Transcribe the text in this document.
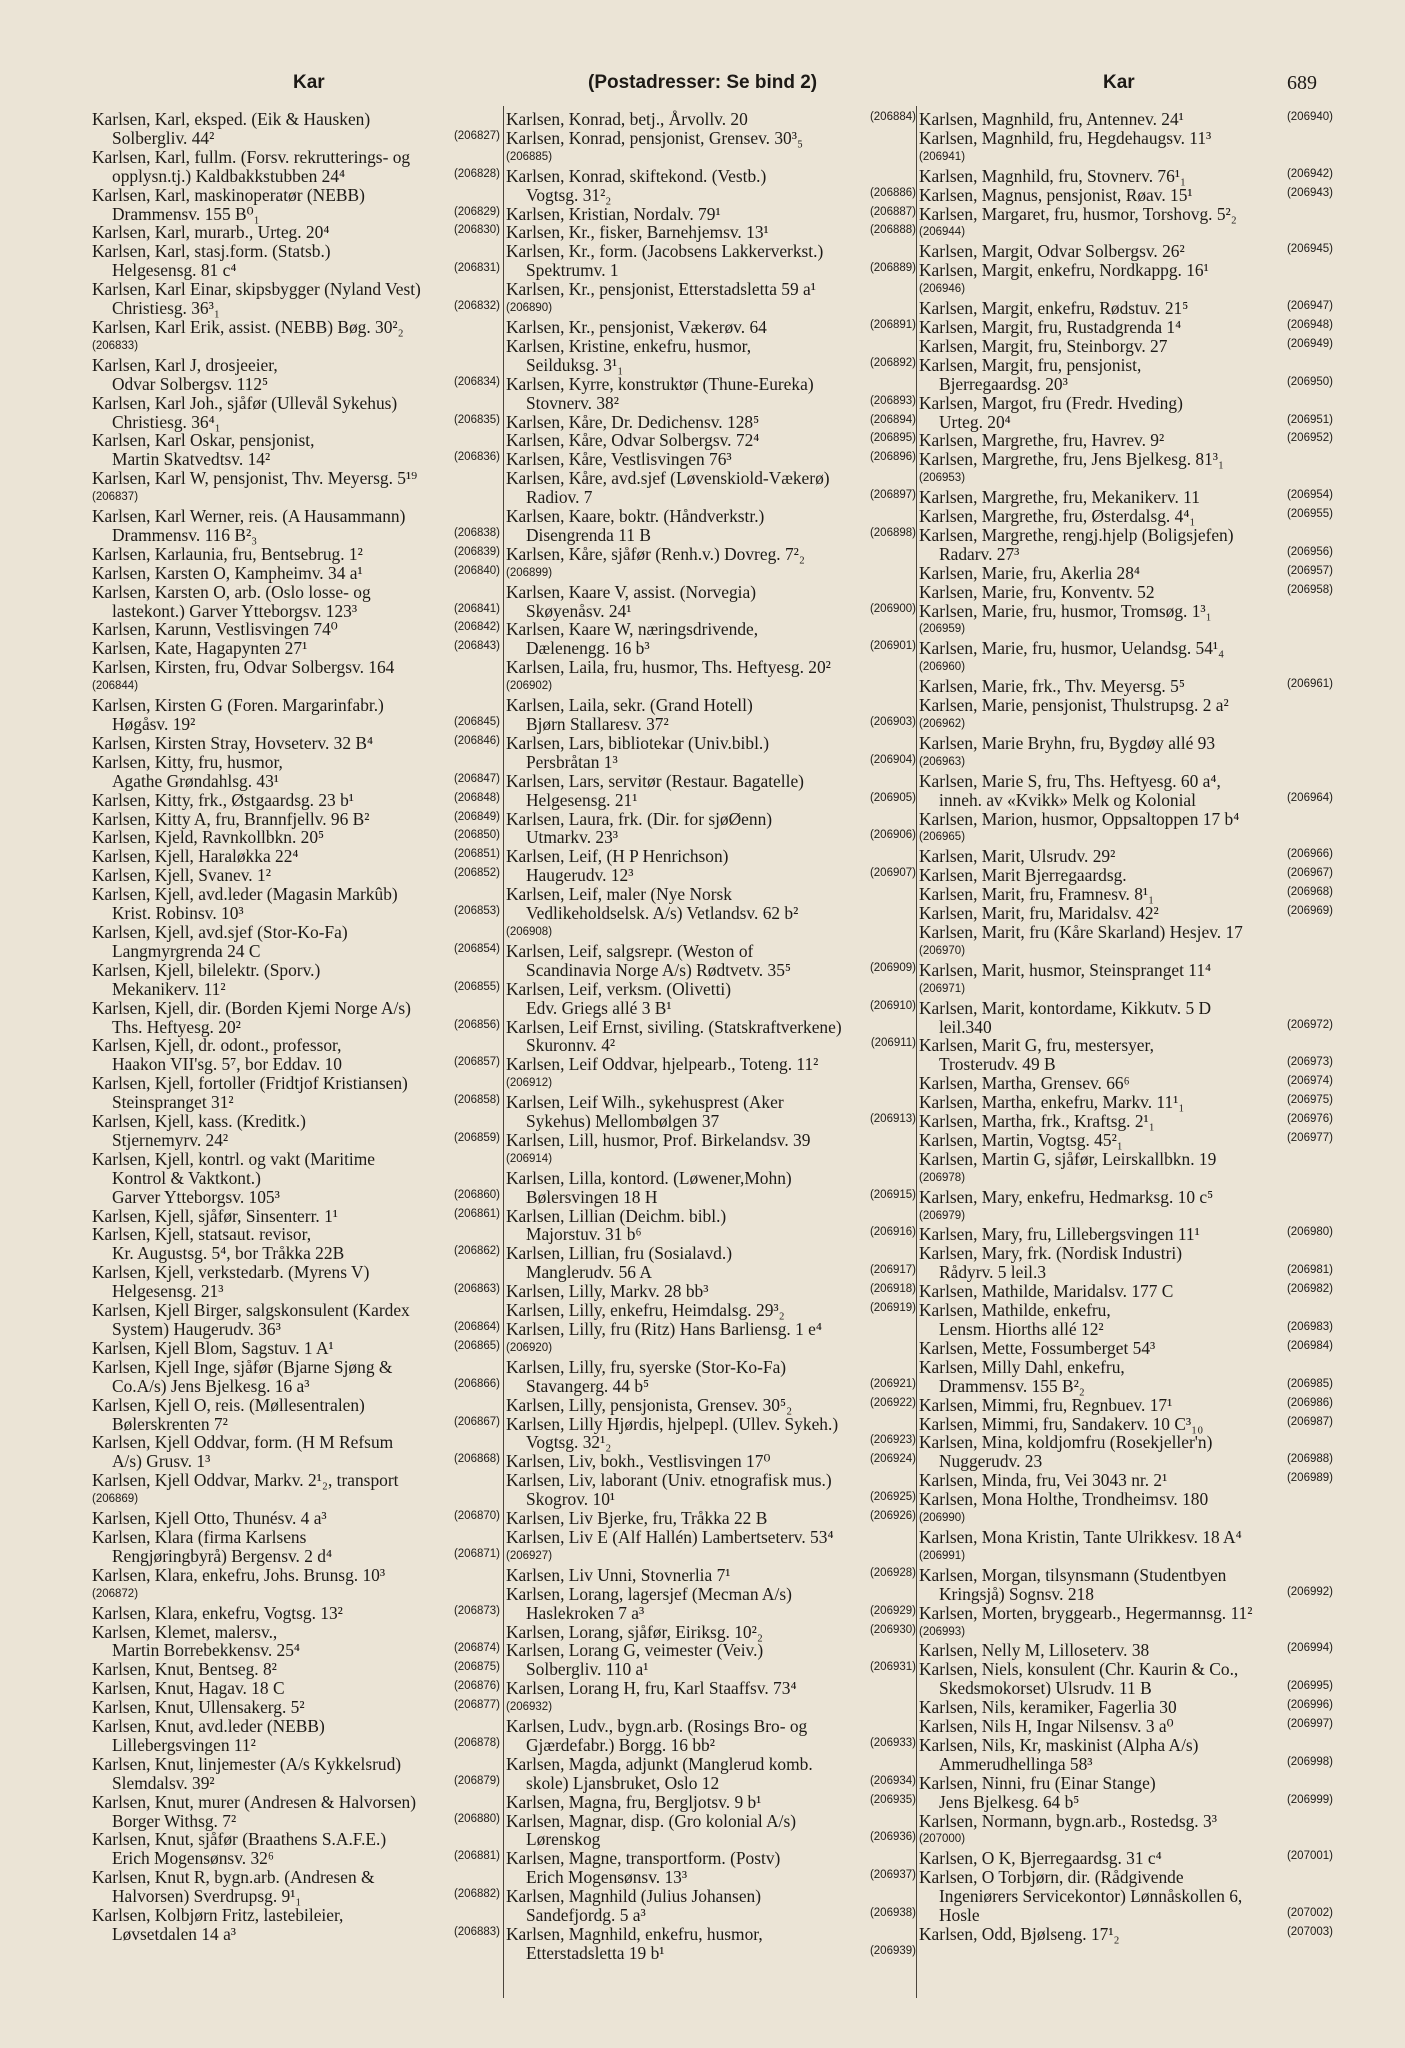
Kar	(Postadresser: Se bind 2)	Kar	689
Karlsen, Karl, eksped. (Eik & Hausken)
Solbergliv. 44²	(206827)
Karlsen, Karl, fullm. (Forsv. rekrutterings- og
opplysn.tj.) Kaldbakkstubben 24⁴	(206828)
Karlsen, Karl, maskinoperatør (NEBB)
Drammensv. 155 B⁰₁	(206829)
Karlsen, Karl, murarb., Urteg. 20⁴	(206830)
Karlsen, Karl, stasj.form. (Statsb.)
Helgesensg. 81 c⁴	(206831)
Karlsen, Karl Einar, skipsbygger (Nyland Vest)
Christiesg. 36³₁	(206832)
Karlsen, Karl Erik, assist. (NEBB) Bøg. 30²₂
(206833)
Karlsen, Karl J, drosjeeier,
Odvar Solbergsv. 112⁵	(206834)
Karlsen, Karl Joh., sjåfør (Ullevål Sykehus)
Christiesg. 36⁴₁	(206835)
Karlsen, Karl Oskar, pensjonist,
Martin Skatvedtsv. 14²	(206836)
Karlsen, Karl W, pensjonist, Thv. Meyersg. 5¹⁹
(206837)
Karlsen, Karl Werner, reis. (A Hausammann)
Drammensv. 116 B²₃	(206838)
Karlsen, Karlaunia, fru, Bentsebrug. 1²	(206839)
Karlsen, Karsten O, Kampheimv. 34 a¹	(206840)
Karlsen, Karsten O, arb. (Oslo losse- og
lastekont.) Garver Ytteborgsv. 123³	(206841)
Karlsen, Karunn, Vestlisvingen 74⁰	(206842)
Karlsen, Kate, Hagapynten 27¹	(206843)
Karlsen, Kirsten, fru, Odvar Solbergsv. 164
(206844)
Karlsen, Kirsten G (Foren. Margarinfabr.)
Høgåsv. 19²	(206845)
Karlsen, Kirsten Stray, Hovseterv. 32 B⁴	(206846)
Karlsen, Kitty, fru, husmor,
Agathe Grøndahlsg. 43¹	(206847)
Karlsen, Kitty, frk., Østgaardsg. 23 b¹	(206848)
Karlsen, Kitty A, fru, Brannfjellv. 96 B²	(206849)
Karlsen, Kjeld, Ravnkollbkn. 20⁵	(206850)
Karlsen, Kjell, Haraløkka 22⁴	(206851)
Karlsen, Kjell, Svanev. 1²	(206852)
Karlsen, Kjell, avd.leder (Magasin Markûb)
Krist. Robinsv. 10³	(206853)
Karlsen, Kjell, avd.sjef (Stor-Ko-Fa)
Langmyrgrenda 24 C	(206854)
Karlsen, Kjell, bilelektr. (Sporv.)
Mekanikerv. 11²	(206855)
Karlsen, Kjell, dir. (Borden Kjemi Norge A/s)
Ths. Heftyesg. 20²	(206856)
Karlsen, Kjell, dr. odont., professor,
Haakon VII'sg. 5⁷, bor Eddav. 10	(206857)
Karlsen, Kjell, fortoller (Fridtjof Kristiansen)
Steinspranget 31²	(206858)
Karlsen, Kjell, kass. (Kreditk.)
Stjernemyrv. 24²	(206859)
Karlsen, Kjell, kontrl. og vakt (Maritime
Kontrol & Vaktkont.)
Garver Ytteborgsv. 105³	(206860)
Karlsen, Kjell, sjåfør, Sinsenterr. 1¹	(206861)
Karlsen, Kjell, statsaut. revisor,
Kr. Augustsg. 5⁴, bor Tråkka 22B	(206862)
Karlsen, Kjell, verkstedarb. (Myrens V)
Helgesensg. 21³	(206863)
Karlsen, Kjell Birger, salgskonsulent (Kardex
System) Haugerudv. 36³	(206864)
Karlsen, Kjell Blom, Sagstuv. 1 A¹	(206865)
Karlsen, Kjell Inge, sjåfør (Bjarne Sjøng &
Co.A/s) Jens Bjelkesg. 16 a³	(206866)
Karlsen, Kjell O, reis. (Møllesentralen)
Bølerskrenten 7²	(206867)
Karlsen, Kjell Oddvar, form. (H M Refsum
A/s) Grusv. 1³	(206868)
Karlsen, Kjell Oddvar, Markv. 2¹₂, transport
(206869)
Karlsen, Kjell Otto, Thunésv. 4 a³	(206870)
Karlsen, Klara (firma Karlsens
Rengjøringbyrå) Bergensv. 2 d⁴	(206871)
Karlsen, Klara, enkefru, Johs. Brunsg. 10³
(206872)
Karlsen, Klara, enkefru, Vogtsg. 13²	(206873)
Karlsen, Klemet, malersv.,
Martin Borrebekkensv. 25⁴	(206874)
Karlsen, Knut, Bentseg. 8²	(206875)
Karlsen, Knut, Hagav. 18 C	(206876)
Karlsen, Knut, Ullensakerg. 5²	(206877)
Karlsen, Knut, avd.leder (NEBB)
Lillebergsvingen 11²	(206878)
Karlsen, Knut, linjemester (A/s Kykkelsrud)
Slemdalsv. 39²	(206879)
Karlsen, Knut, murer (Andresen & Halvorsen)
Borger Withsg. 7²	(206880)
Karlsen, Knut, sjåfør (Braathens S.A.F.E.)
Erich Mogensønsv. 32⁶	(206881)
Karlsen, Knut R, bygn.arb. (Andresen &
Halvorsen) Sverdrupsg. 9¹₁	(206882)
Karlsen, Kolbjørn Fritz, lastebileier,
Løvsetdalen 14 a³	(206883)
Karlsen, Konrad, betj., Årvollv. 20	(206884)
Karlsen, Konrad, pensjonist, Grensev. 30³₅
(206885)
Karlsen, Konrad, skiftekond. (Vestb.)
Vogtsg. 31²₂	(206886)
Karlsen, Kristian, Nordalv. 79¹	(206887)
Karlsen, Kr., fisker, Barnehjemsv. 13¹	(206888)
Karlsen, Kr., form. (Jacobsens Lakkerverkst.)
Spektrumv. 1	(206889)
Karlsen, Kr., pensjonist, Etterstadsletta 59 a¹
(206890)
Karlsen, Kr., pensjonist, Vækerøv. 64	(206891)
Karlsen, Kristine, enkefru, husmor,
Seilduksg. 3¹₁	(206892)
Karlsen, Kyrre, konstruktør (Thune-Eureka)
Stovnerv. 38²	(206893)
Karlsen, Kåre, Dr. Dedichensv. 128⁵	(206894)
Karlsen, Kåre, Odvar Solbergsv. 72⁴	(206895)
Karlsen, Kåre, Vestlisvingen 76³	(206896)
Karlsen, Kåre, avd.sjef (Løvenskiold-Vækerø)
Radiov. 7	(206897)
Karlsen, Kaare, boktr. (Håndverkstr.)
Disengrenda 11 B	(206898)
Karlsen, Kåre, sjåfør (Renh.v.) Dovreg. 7²₂
(206899)
Karlsen, Kaare V, assist. (Norvegia)
Skøyenåsv. 24¹	(206900)
Karlsen, Kaare W, næringsdrivende,
Dælenengg. 16 b³	(206901)
Karlsen, Laila, fru, husmor, Ths. Heftyesg. 20²
(206902)
Karlsen, Laila, sekr. (Grand Hotell)
Bjørn Stallaresv. 37²	(206903)
Karlsen, Lars, bibliotekar (Univ.bibl.)
Persbråtan 1³	(206904)
Karlsen, Lars, servitør (Restaur. Bagatelle)
Helgesensg. 21¹	(206905)
Karlsen, Laura, frk. (Dir. for sjøØenn)
Utmarkv. 23³	(206906)
Karlsen, Leif, (H P Henrichson)
Haugerudv. 12³	(206907)
Karlsen, Leif, maler (Nye Norsk
Vedlikeholdselsk. A/s) Vetlandsv. 62 b²
(206908)
Karlsen, Leif, salgsrepr. (Weston of
Scandinavia Norge A/s) Rødtvetv. 35⁵	(206909)
Karlsen, Leif, verksm. (Olivetti)
Edv. Griegs allé 3 B¹	(206910)
Karlsen, Leif Ernst, siviling. (Statskraftverkene)
Skuronnv. 4²	(206911)
Karlsen, Leif Oddvar, hjelpearb., Toteng. 11²
(206912)
Karlsen, Leif Wilh., sykehusprest (Aker
Sykehus) Mellombølgen 37	(206913)
Karlsen, Lill, husmor, Prof. Birkelandsv. 39
(206914)
Karlsen, Lilla, kontord. (Løwener,Mohn)
Bølersvingen 18 H	(206915)
Karlsen, Lillian (Deichm. bibl.)
Majorstuv. 31 b⁶	(206916)
Karlsen, Lillian, fru (Sosialavd.)
Manglerudv. 56 A	(206917)
Karlsen, Lilly, Markv. 28 bb³	(206918)
Karlsen, Lilly, enkefru, Heimdalsg. 29³₂	(206919)
Karlsen, Lilly, fru (Ritz) Hans Barliensg. 1 e⁴
(206920)
Karlsen, Lilly, fru, syerske (Stor-Ko-Fa)
Stavangerg. 44 b⁵	(206921)
Karlsen, Lilly, pensjonista, Grensev. 30⁵₂	(206922)
Karlsen, Lilly Hjørdis, hjelpepl. (Ullev. Sykeh.)
Vogtsg. 32¹₂	(206923)
Karlsen, Liv, bokh., Vestlisvingen 17⁰	(206924)
Karlsen, Liv, laborant (Univ. etnografisk mus.)
Skogrov. 10¹	(206925)
Karlsen, Liv Bjerke, fru, Tråkka 22 B	(206926)
Karlsen, Liv E (Alf Hallén) Lambertseterv. 53⁴
(206927)
Karlsen, Liv Unni, Stovnerlia 7¹	(206928)
Karlsen, Lorang, lagersjef (Mecman A/s)
Haslekroken 7 a³	(206929)
Karlsen, Lorang, sjåfør, Eiriksg. 10²₂	(206930)
Karlsen, Lorang G, veimester (Veiv.)
Solbergliv. 110 a¹	(206931)
Karlsen, Lorang H, fru, Karl Staaffsv. 73⁴
(206932)
Karlsen, Ludv., bygn.arb. (Rosings Bro- og
Gjærdefabr.) Borgg. 16 bb²	(206933)
Karlsen, Magda, adjunkt (Manglerud komb.
skole) Ljansbruket, Oslo 12	(206934)
Karlsen, Magna, fru, Bergljotsv. 9 b¹	(206935)
Karlsen, Magnar, disp. (Gro kolonial A/s)
Lørenskog	(206936)
Karlsen, Magne, transportform. (Postv)
Erich Mogensønsv. 13³	(206937)
Karlsen, Magnhild (Julius Johansen)
Sandefjordg. 5 a³	(206938)
Karlsen, Magnhild, enkefru, husmor,
Etterstadsletta 19 b¹	(206939)
Karlsen, Magnhild, fru, Antennev. 24¹	(206940)
Karlsen, Magnhild, fru, Hegdehaugsv. 11³
(206941)
Karlsen, Magnhild, fru, Stovnerv. 76¹₁	(206942)
Karlsen, Magnus, pensjonist, Røav. 15¹	(206943)
Karlsen, Margaret, fru, husmor, Torshovg. 5²₂
(206944)
Karlsen, Margit, Odvar Solbergsv. 26²	(206945)
Karlsen, Margit, enkefru, Nordkappg. 16¹
(206946)
Karlsen, Margit, enkefru, Rødstuv. 21⁵	(206947)
Karlsen, Margit, fru, Rustadgrenda 1⁴	(206948)
Karlsen, Margit, fru, Steinborgv. 27	(206949)
Karlsen, Margit, fru, pensjonist,
Bjerregaardsg. 20³	(206950)
Karlsen, Margot, fru (Fredr. Hveding)
Urteg. 20⁴	(206951)
Karlsen, Margrethe, fru, Havrev. 9²	(206952)
Karlsen, Margrethe, fru, Jens Bjelkesg. 81³₁
(206953)
Karlsen, Margrethe, fru, Mekanikerv. 11	(206954)
Karlsen, Margrethe, fru, Østerdalsg. 4⁴₁	(206955)
Karlsen, Margrethe, rengj.hjelp (Boligsjefen)
Radarv. 27³	(206956)
Karlsen, Marie, fru, Akerlia 28⁴	(206957)
Karlsen, Marie, fru, Konventv. 52	(206958)
Karlsen, Marie, fru, husmor, Tromsøg. 1³₁
(206959)
Karlsen, Marie, fru, husmor, Uelandsg. 54¹₄
(206960)
Karlsen, Marie, frk., Thv. Meyersg. 5⁵	(206961)
Karlsen, Marie, pensjonist, Thulstrupsg. 2 a²
(206962)
Karlsen, Marie Bryhn, fru, Bygdøy allé 93
(206963)
Karlsen, Marie S, fru, Ths. Heftyesg. 60 a⁴,
inneh. av «Kvikk» Melk og Kolonial	(206964)
Karlsen, Marion, husmor, Oppsaltoppen 17 b⁴
(206965)
Karlsen, Marit, Ulsrudv. 29²	(206966)
Karlsen, Marit Bjerregaardsg.	(206967)
Karlsen, Marit, fru, Framnesv. 8¹₁	(206968)
Karlsen, Marit, fru, Maridalsv. 42²	(206969)
Karlsen, Marit, fru (Kåre Skarland) Hesjev. 17
(206970)
Karlsen, Marit, husmor, Steinspranget 11⁴
(206971)
Karlsen, Marit, kontordame, Kikkutv. 5 D
leil.340	(206972)
Karlsen, Marit G, fru, mestersyer,
Trosterudv. 49 B	(206973)
Karlsen, Martha, Grensev. 66⁶	(206974)
Karlsen, Martha, enkefru, Markv. 11¹₁	(206975)
Karlsen, Martha, frk., Kraftsg. 2¹₁	(206976)
Karlsen, Martin, Vogtsg. 45²₁	(206977)
Karlsen, Martin G, sjåfør, Leirskallbkn. 19
(206978)
Karlsen, Mary, enkefru, Hedmarksg. 10 c⁵
(206979)
Karlsen, Mary, fru, Lillebergsvingen 11¹	(206980)
Karlsen, Mary, frk. (Nordisk Industri)
Rådyrv. 5 leil.3	(206981)
Karlsen, Mathilde, Maridalsv. 177 C	(206982)
Karlsen, Mathilde, enkefru,
Lensm. Hiorths allé 12²	(206983)
Karlsen, Mette, Fossumberget 54³	(206984)
Karlsen, Milly Dahl, enkefru,
Drammensv. 155 B²₂	(206985)
Karlsen, Mimmi, fru, Regnbuev. 17¹	(206986)
Karlsen, Mimmi, fru, Sandakerv. 10 C³₁₀	(206987)
Karlsen, Mina, koldjomfru (Rosekjeller'n)
Nuggerudv. 23	(206988)
Karlsen, Minda, fru, Vei 3043 nr. 2¹	(206989)
Karlsen, Mona Holthe, Trondheimsv. 180
(206990)
Karlsen, Mona Kristin, Tante Ulrikkesv. 18 A⁴
(206991)
Karlsen, Morgan, tilsynsmann (Studentbyen
Kringsjå) Sognsv. 218	(206992)
Karlsen, Morten, bryggearb., Hegermannsg. 11²
(206993)
Karlsen, Nelly M, Lilloseterv. 38	(206994)
Karlsen, Niels, konsulent (Chr. Kaurin & Co.,
Skedsmokorset) Ulsrudv. 11 B	(206995)
Karlsen, Nils, keramiker, Fagerlia 30	(206996)
Karlsen, Nils H, Ingar Nilsensv. 3 a⁰	(206997)
Karlsen, Nils, Kr, maskinist (Alpha A/s)
Ammerudhellinga 58³	(206998)
Karlsen, Ninni, fru (Einar Stange)
Jens Bjelkesg. 64 b⁵	(206999)
Karlsen, Normann, bygn.arb., Rostedsg. 3³
(207000)
Karlsen, O K, Bjerregaardsg. 31 c⁴	(207001)
Karlsen, O Torbjørn, dir. (Rådgivende
Ingeniørers Servicekontor) Lønnåskollen 6,
Hosle	(207002)
Karlsen, Odd, Bjølseng. 17¹₂	(207003)
